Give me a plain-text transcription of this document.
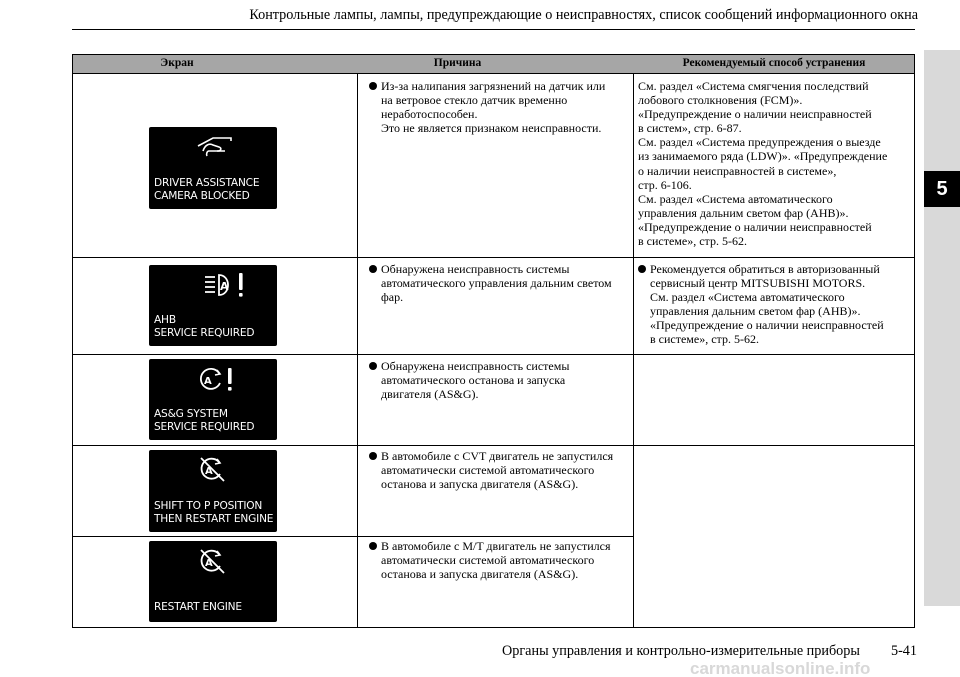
Контрольные лампы, лампы, предупреждающие о неисправностях, список сообщений информационного окна
5
Экран	Причина	Рекомендуемый способ устранения
DRIVER ASSISTANCE
CAMERA BLOCKED
Из-за налипания загрязнений на датчик или
на ветровое стекло датчик временно
неработоспособен.
Это не является признаком неисправности.
См. раздел «Система смягчения последствий
лобового столкновения (FCM)».
«Предупреждение о наличии неисправностей
в систем», стр. 6-87.
См. раздел «Система предупреждения о выезде
из занимаемого ряда (LDW)». «Предупреждение
о наличии неисправностей в системе»,
стр. 6-106.
См. раздел «Система автоматического
управления дальним светом фар (AHB)».
«Предупреждение о наличии неисправностей
в системе», стр. 5-62.
A
AHB
SERVICE REQUIRED
Обнаружена неисправность системы
автоматического управления дальним светом
фар.
Рекомендуется обратиться в авторизованный
сервисный центр MITSUBISHI MOTORS.
См. раздел «Система автоматического
управления дальним светом фар (AHB)».
«Предупреждение о наличии неисправностей
в системе», стр. 5-62.
A
AS&G SYSTEM
SERVICE REQUIRED
Обнаружена неисправность системы
автоматического останова и запуска
двигателя (AS&G).
A
SHIFT TO P POSITION
THEN RESTART ENGINE
В автомобиле с CVT двигатель не запустился
автоматически системой автоматического
останова и запуска двигателя (AS&G).
A
RESTART ENGINE
В автомобиле с M/T двигатель не запустился
автоматически системой автоматического
останова и запуска двигателя (AS&G).
Органы управления и контрольно-измерительные приборы 5-41
carmanualsonline.info
